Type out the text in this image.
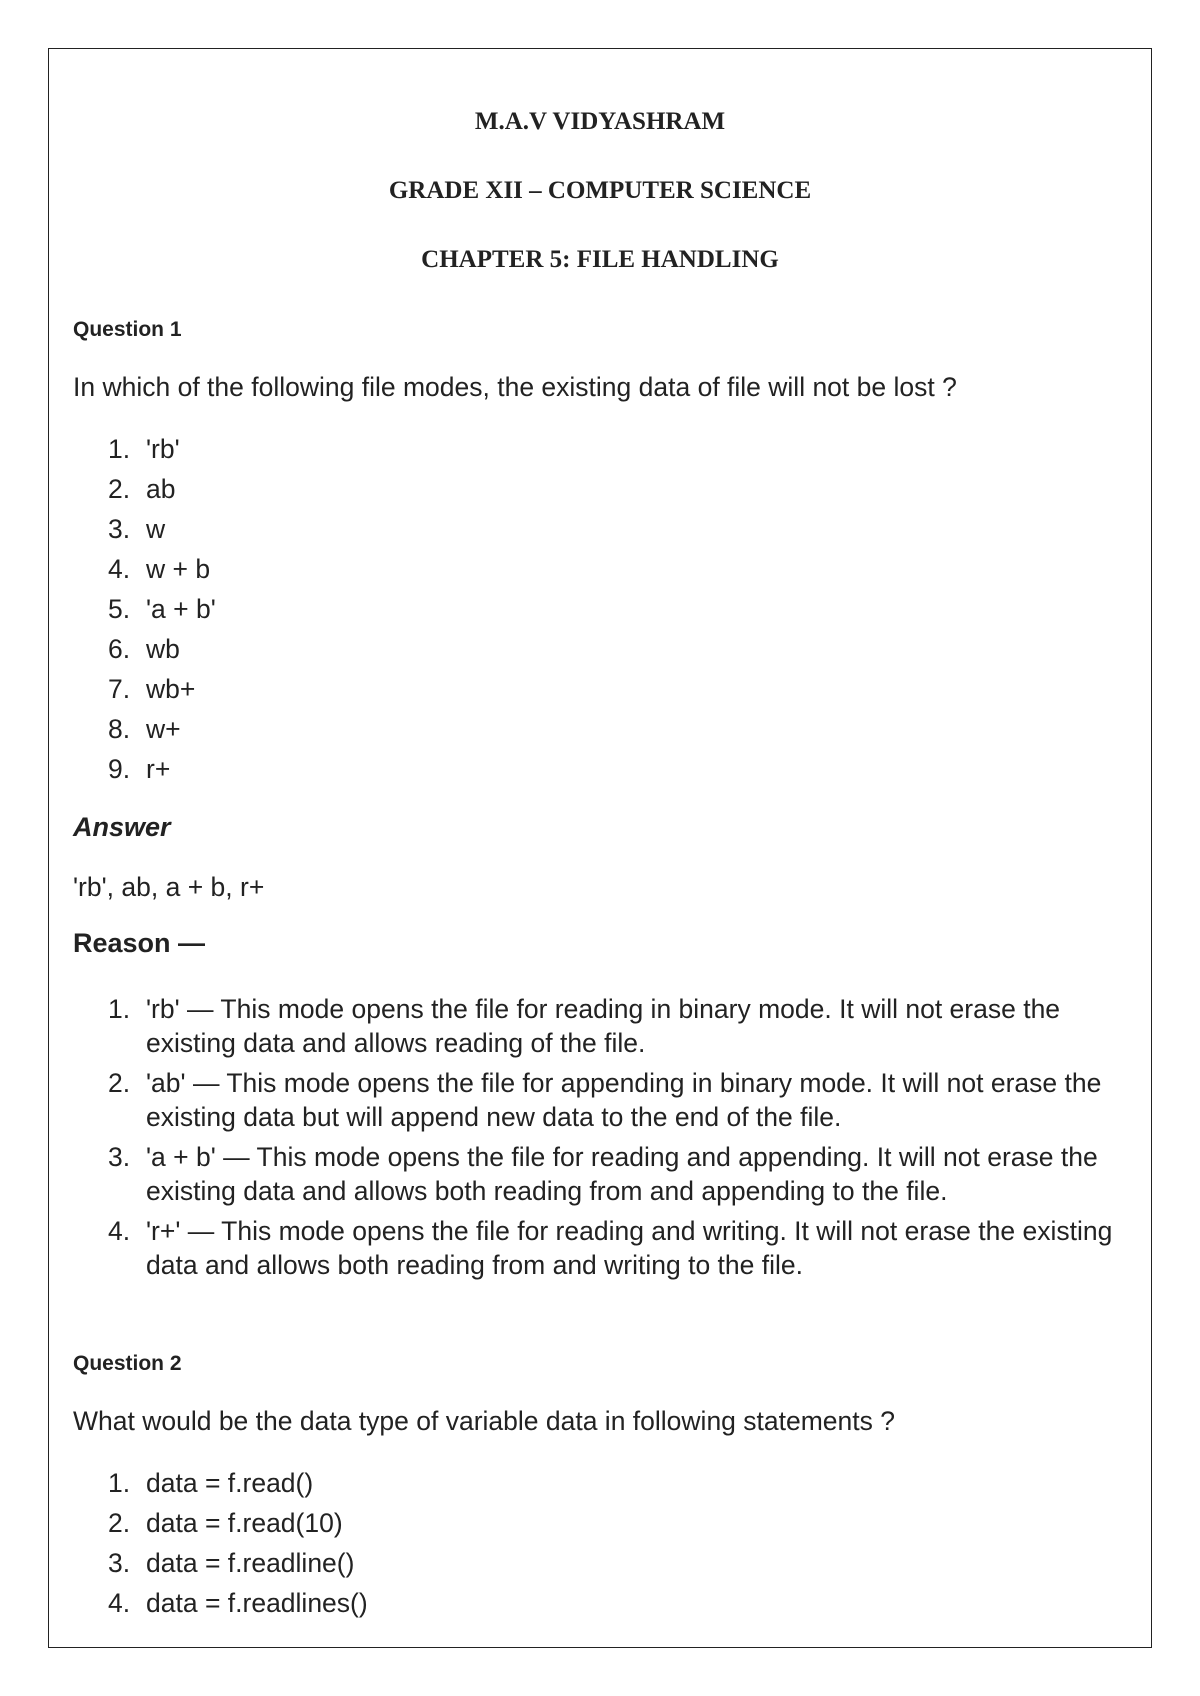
M.A.V VIDYASHRAM
GRADE XII – COMPUTER SCIENCE
CHAPTER 5: FILE HANDLING
Question 1
In which of the following file modes, the existing data of file will not be lost ?
1. 'rb'
2. ab
3. w
4. w + b
5. 'a + b'
6. wb
7. wb+
8. w+
9. r+
Answer
'rb', ab, a + b, r+
Reason —
1. 'rb' — This mode opens the file for reading in binary mode. It will not erase the existing data and allows reading of the file.
2. 'ab' — This mode opens the file for appending in binary mode. It will not erase the existing data but will append new data to the end of the file.
3. 'a + b' — This mode opens the file for reading and appending. It will not erase the existing data and allows both reading from and appending to the file.
4. 'r+' — This mode opens the file for reading and writing. It will not erase the existing data and allows both reading from and writing to the file.
Question 2
What would be the data type of variable data in following statements ?
1. data = f.read()
2. data = f.read(10)
3. data = f.readline()
4. data = f.readlines()
